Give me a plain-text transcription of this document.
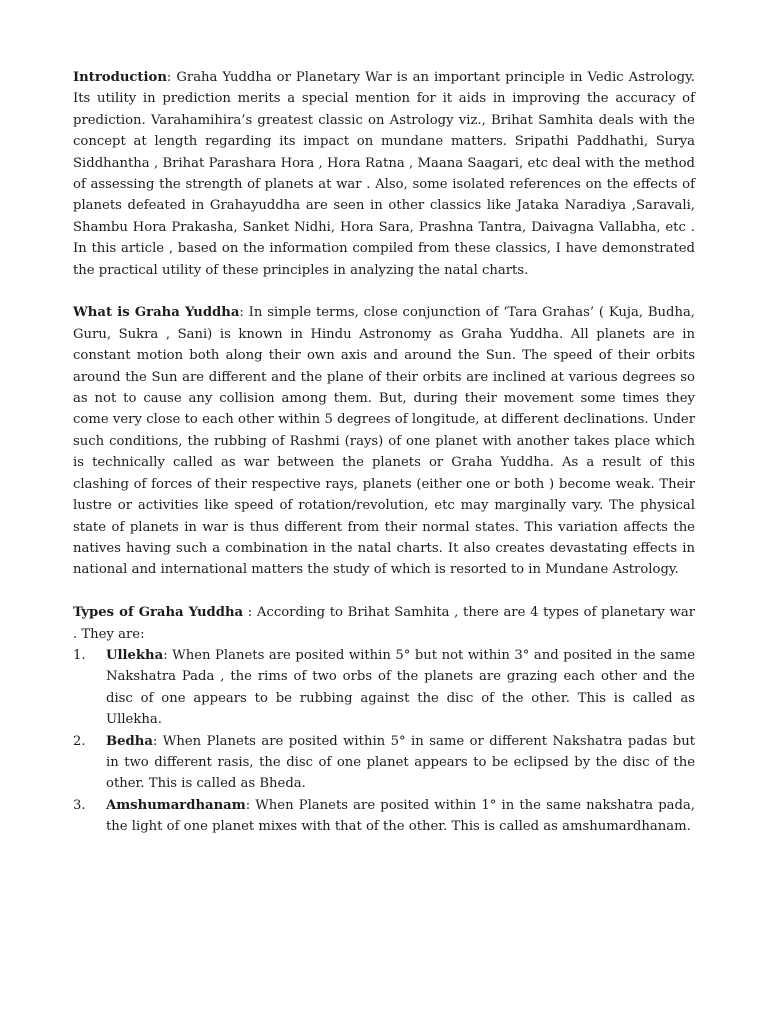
Introduction: Graha Yuddha or Planetary War is an important principle in Vedic Astrology. Its utility in prediction merits a special mention for it aids in improving the accuracy of prediction. Varahamihira’s greatest classic on Astrology viz., Brihat Samhita deals with the concept at length regarding its impact on mundane matters. Sripathi Paddhathi, Surya Siddhantha , Brihat Parashara Hora , Hora Ratna , Maana Saagari, etc deal with the method of assessing the strength of planets at war . Also, some isolated references on the effects of planets defeated in Grahayuddha are seen in other classics like Jataka Naradiya ,Saravali, Shambu Hora Prakasha, Sanket Nidhi, Hora Sara, Prashna Tantra, Daivagna Vallabha, etc . In this article , based on the information compiled from these classics, I have demonstrated the practical utility of these principles in analyzing the natal charts.

What is Graha Yuddha: In simple terms, close conjunction of ‘Tara Grahas’ ( Kuja, Budha, Guru, Sukra , Sani) is known in Hindu Astronomy as Graha Yuddha. All planets are in constant motion both along their own axis and around the Sun. The speed of their orbits around the Sun are different and the plane of their orbits are inclined at various degrees so as not to cause any collision among them. But, during their movement some times they come very close to each other within 5 degrees of longitude, at different declinations. Under such conditions, the rubbing of Rashmi (rays) of one planet with another takes place which is technically called as war between the planets or Graha Yuddha. As a result of this clashing of forces of their respective rays, planets (either one or both ) become weak. Their lustre or activities like speed of rotation/revolution, etc may marginally vary. The physical state of planets in war is thus different from their normal states. This variation affects the natives having such a combination in the natal charts. It also creates devastating effects in national and international matters the study of which is resorted to in Mundane Astrology.

Types of Graha Yuddha : According to Brihat Samhita , there are 4 types of planetary war . They are:

1. Ullekha: When Planets are posited within 5° but not within 3° and posited in the same Nakshatra Pada , the rims of two orbs of the planets are grazing each other and the disc of one appears to be rubbing against the disc of the other. This is called as Ullekha.
2. Bedha: When Planets are posited within 5° in same or different Nakshatra padas but in two different rasis, the disc of one planet appears to be eclipsed by the disc of the other. This is called as Bheda.
3. Amshumardhanam: When Planets are posited within 1° in the same nakshatra pada, the light of one planet mixes with that of the other. This is called as amshumardhanam.
